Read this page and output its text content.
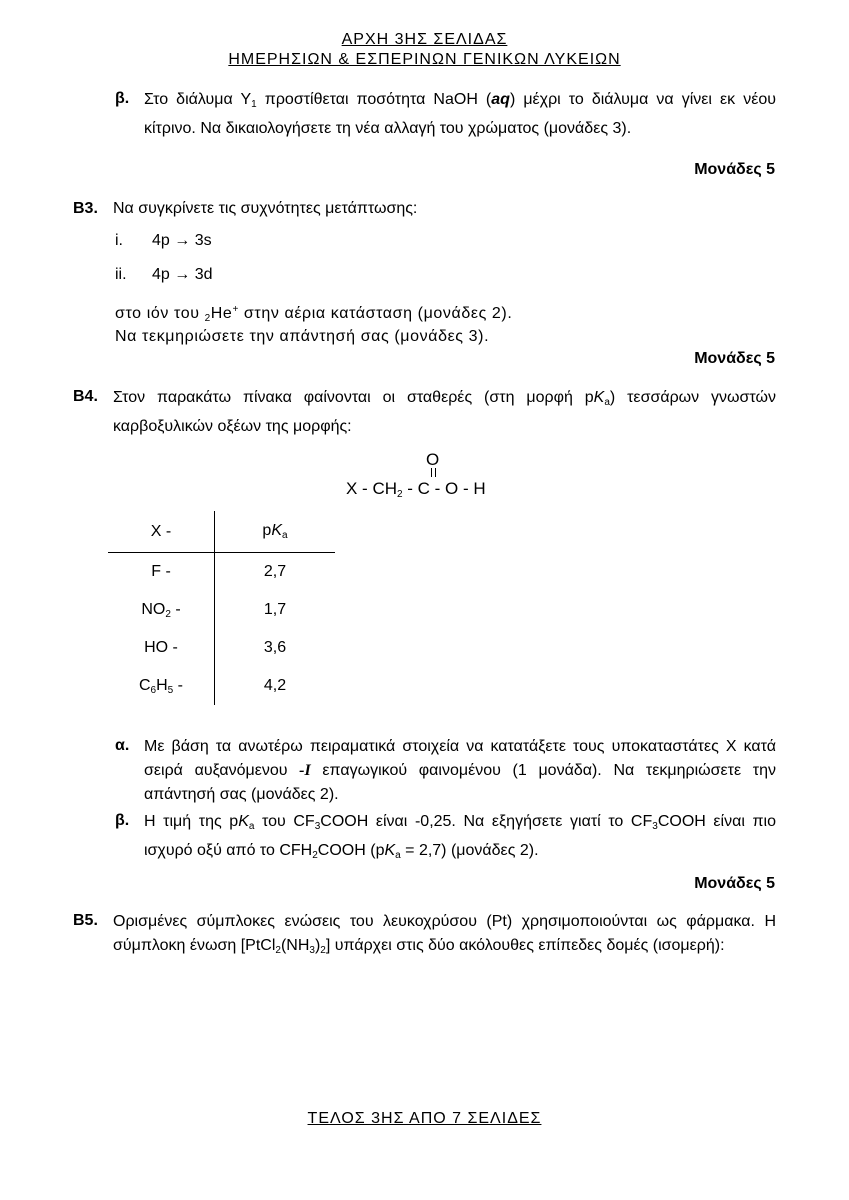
ΑΡΧΗ 3ΗΣ ΣΕΛΙΔΑΣ
ΗΜΕΡΗΣΙΩΝ & ΕΣΠΕΡΙΝΩΝ ΓΕΝΙΚΩΝ ΛΥΚΕΙΩΝ
β. Στο διάλυμα $\Upsilon_1$ προστίθεται ποσότητα NaOH (aq) μέχρι το διάλυμα να γίνει εκ νέου κίτρινο. Να δικαιολογήσετε τη νέα αλλαγή του χρώματος (μονάδες 3).
Μονάδες 5
Β3. Να συγκρίνετε τις συχνότητες μετάπτωσης:
i. 4p → 3s
ii. 4p → 3d
στο ιόν του $_2$He+ στην αέρια κατάσταση (μονάδες 2).
Να τεκμηριώσετε την απάντησή σας (μονάδες 3).
Μονάδες 5
Β4. Στον παρακάτω πίνακα φαίνονται οι σταθερές (στη μορφή $pK_a$) τεσσάρων γνωστών καρβοξυλικών οξέων της μορφής:
O
X - $CH_2$ - C - O - H
X -	$pK_a$
F -	2,7
$NO_2$ -	1,7
HO -	3,6
$C_6H_5$ -	4,2
α. Με βάση τα ανωτέρω πειραματικά στοιχεία να κατατάξετε τους υποκαταστάτες Χ κατά σειρά αυξανόμενου -I επαγωγικού φαινομένου (1 μονάδα). Να τεκμηριώσετε την απάντησή σας (μονάδες 2).
β. Η τιμή της $pK_a$ του $CF_3COOH$ είναι -0,25. Να εξηγήσετε γιατί το $CF_3COOH$ είναι πιο ισχυρό οξύ από το $CFH_2COOH$ $(pK_a = 2,7)$ (μονάδες 2).
Μονάδες 5
Β5. Ορισμένες σύμπλοκες ενώσεις του λευκοχρύσου (Pt) χρησιμοποιούνται ως φάρμακα. Η σύμπλοκη ένωση $[PtCl_2(NH_3)_2]$ υπάρχει στις δύο ακόλουθες επίπεδες δομές (ισομερή):
ΤΕΛΟΣ 3ΗΣ ΑΠΟ 7 ΣΕΛΙΔΕΣ
